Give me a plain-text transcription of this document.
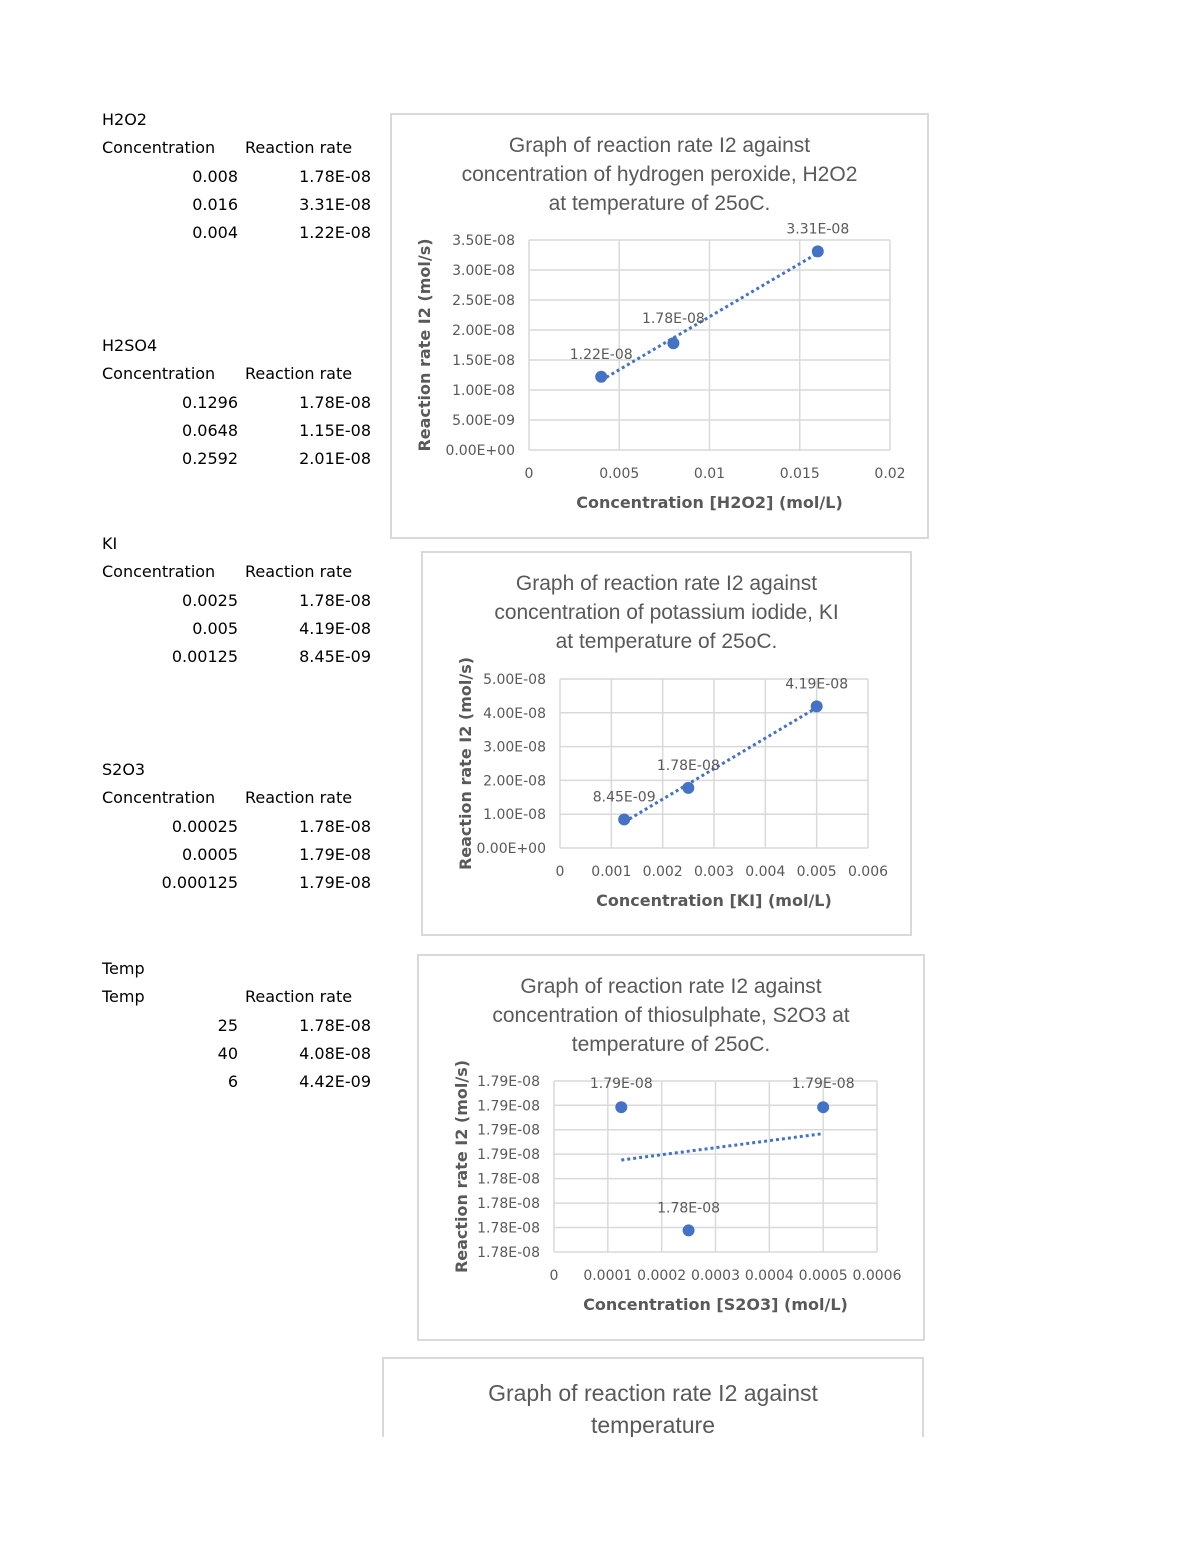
H2O2
Concentration Reaction rate
0.008	1.78E-08
0.016	3.31E-08
0.004	1.22E-08
H2SO4
Concentration Reaction rate
0.1296	1.78E-08
0.0648	1.15E-08
0.2592	2.01E-08
KI
Concentration Reaction rate
0.0025	1.78E-08
0.005	4.19E-08
0.00125	8.45E-09
S2O3
Concentration Reaction rate
0.00025	1.78E-08
0.0005	1.79E-08
0.000125	1.79E-08
Temp
Temp	Reaction rate
25	1.78E-08
40	4.08E-08
6	4.42E-09
Graph of reaction rate I2 against
concentration of hydrogen peroxide, H2O2
at temperature of 25oC.
0.00E+00
5.00E-09
1.00E-08
1.50E-08
2.00E-08
2.50E-08
3.00E-08
3.50E-08
0	0.005	0.01	0.015	0.02
Concentration [H2O2] (mol/L)
Reaction rate I2 (mol/s)	1.22E-08
1.78E-08
3.31E-08
Graph of reaction rate I2 against
concentration of potassium iodide, KI
at temperature of 25oC.
0.00E+00
1.00E-08
2.00E-08
3.00E-08
4.00E-08
5.00E-08
0 0.001 0.002 0.003 0.004 0.005 0.006
Concentration [KI] (mol/L)
Reaction rate I2 (mol/s)	8.45E-09
1.78E-08
4.19E-08
Graph of reaction rate I2 against
concentration of thiosulphate, S2O3 at
temperature of 25oC.
1.78E-08
1.78E-08
1.78E-08
1.78E-08
1.79E-08
1.79E-08
1.79E-08
1.79E-08
0 0.0001 0.0002 0.0003 0.0004 0.0005 0.0006
Concentration [S2O3] (mol/L)
Reaction rate I2 (mol/s)	1.79E-08
1.78E-08
1.79E-08
Graph of reaction rate I2 against
temperature
